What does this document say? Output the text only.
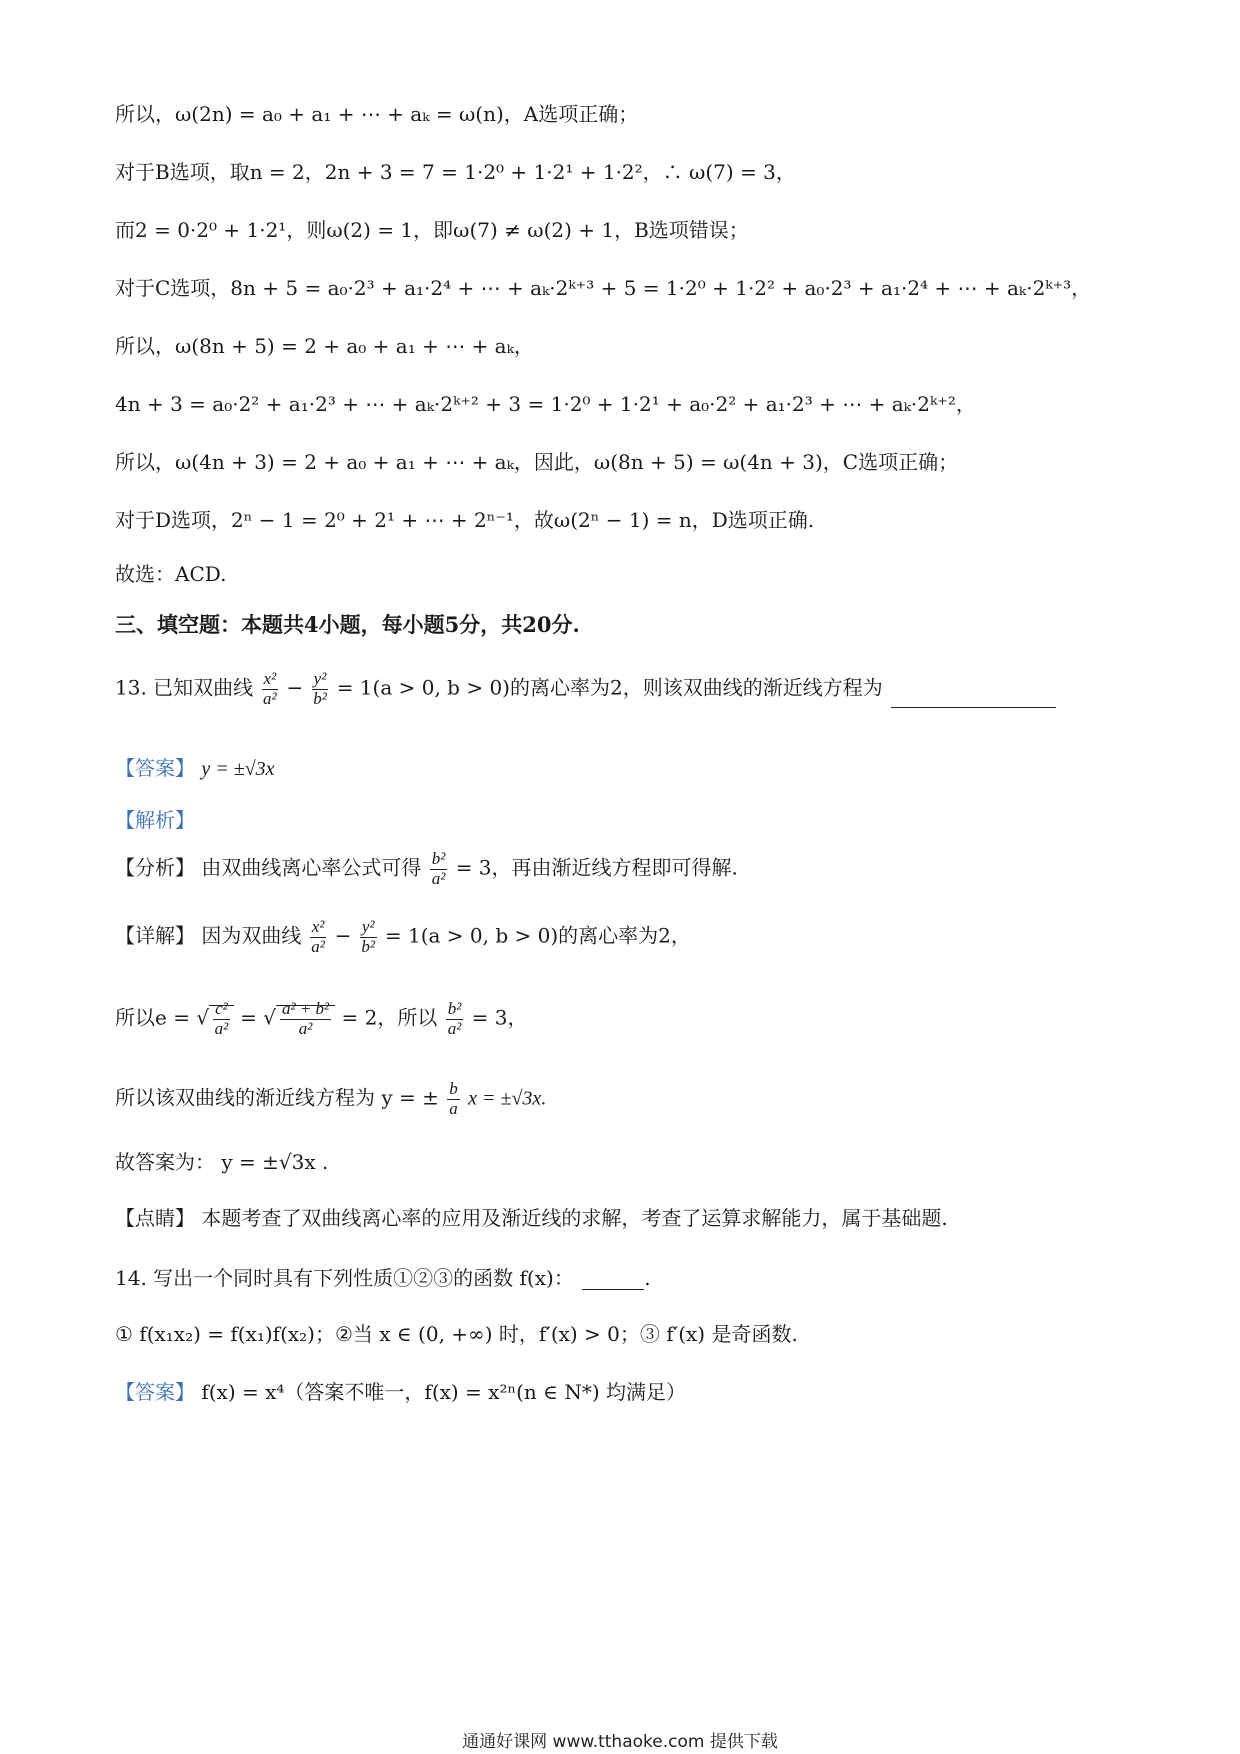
所以，ω(2n) = a₀ + a₁ + ⋯ + aₖ = ω(n)，A选项正确；
对于B选项，取n = 2，2n + 3 = 7 = 1·2⁰ + 1·2¹ + 1·2²，∴ ω(7) = 3，
而2 = 0·2⁰ + 1·2¹，则ω(2) = 1，即ω(7) ≠ ω(2) + 1，B选项错误；
对于C选项，8n + 5 = a₀·2³ + a₁·2⁴ + ⋯ + aₖ·2ᵏ⁺³ + 5 = 1·2⁰ + 1·2² + a₀·2³ + a₁·2⁴ + ⋯ + aₖ·2ᵏ⁺³，
所以，ω(8n + 5) = 2 + a₀ + a₁ + ⋯ + aₖ，
4n + 3 = a₀·2² + a₁·2³ + ⋯ + aₖ·2ᵏ⁺² + 3 = 1·2⁰ + 1·2¹ + a₀·2² + a₁·2³ + ⋯ + aₖ·2ᵏ⁺²，
所以，ω(4n + 3) = 2 + a₀ + a₁ + ⋯ + aₖ，因此，ω(8n + 5) = ω(4n + 3)，C选项正确；
对于D选项，2ⁿ − 1 = 2⁰ + 2¹ + ⋯ + 2ⁿ⁻¹，故ω(2ⁿ − 1) = n，D选项正确.
故选：ACD.
三、填空题：本题共4小题，每小题5分，共20分.
13. 已知双曲线 $\frac{\text{x²}}{\text{a²}} - \frac{\text{y²}}{\text{b²}} = 1(a > 0$, b > 0)的离心率为2，则该双曲线的渐近线方程为
【答案】 y = ±√3x
【解析】
【分析】 由双曲线离心率公式可得 $\frac{\text{b²}}{\text{a²}} = 3$，再由渐近线方程即可得解.
【详解】 因为双曲线 $\frac{\text{x²}}{\text{a²}} - \frac{\text{y²}}{\text{b²}} = 1(a > 0$, b > 0)的离心率为2，
所以e = √ $\frac{\text{c²}}{\text{a²}}$ = √ $\frac{\text{a² + b²}}{\text{a²}} = 2$，所以 $\frac{\text{b²}}{\text{a²}} = 3$，
所以该双曲线的渐近线方程为 y = ± $\frac{b}{a}$ x = ±√3x.
故答案为： y = ±√3x .
【点睛】 本题考查了双曲线离心率的应用及渐近线的求解，考查了运算求解能力，属于基础题.
14. 写出一个同时具有下列性质①②③的函数 f(x)：	.
① f(x₁x₂) = f(x₁)f(x₂)；②当 x ∈ (0, +∞) 时，f′(x) > 0；③ f′(x) 是奇函数.
【答案】 f(x) = x⁴（答案不唯一，f(x) = x²ⁿ(n ∈ N*) 均满足）
通通好课网 www.tthaoke.com 提供下载
